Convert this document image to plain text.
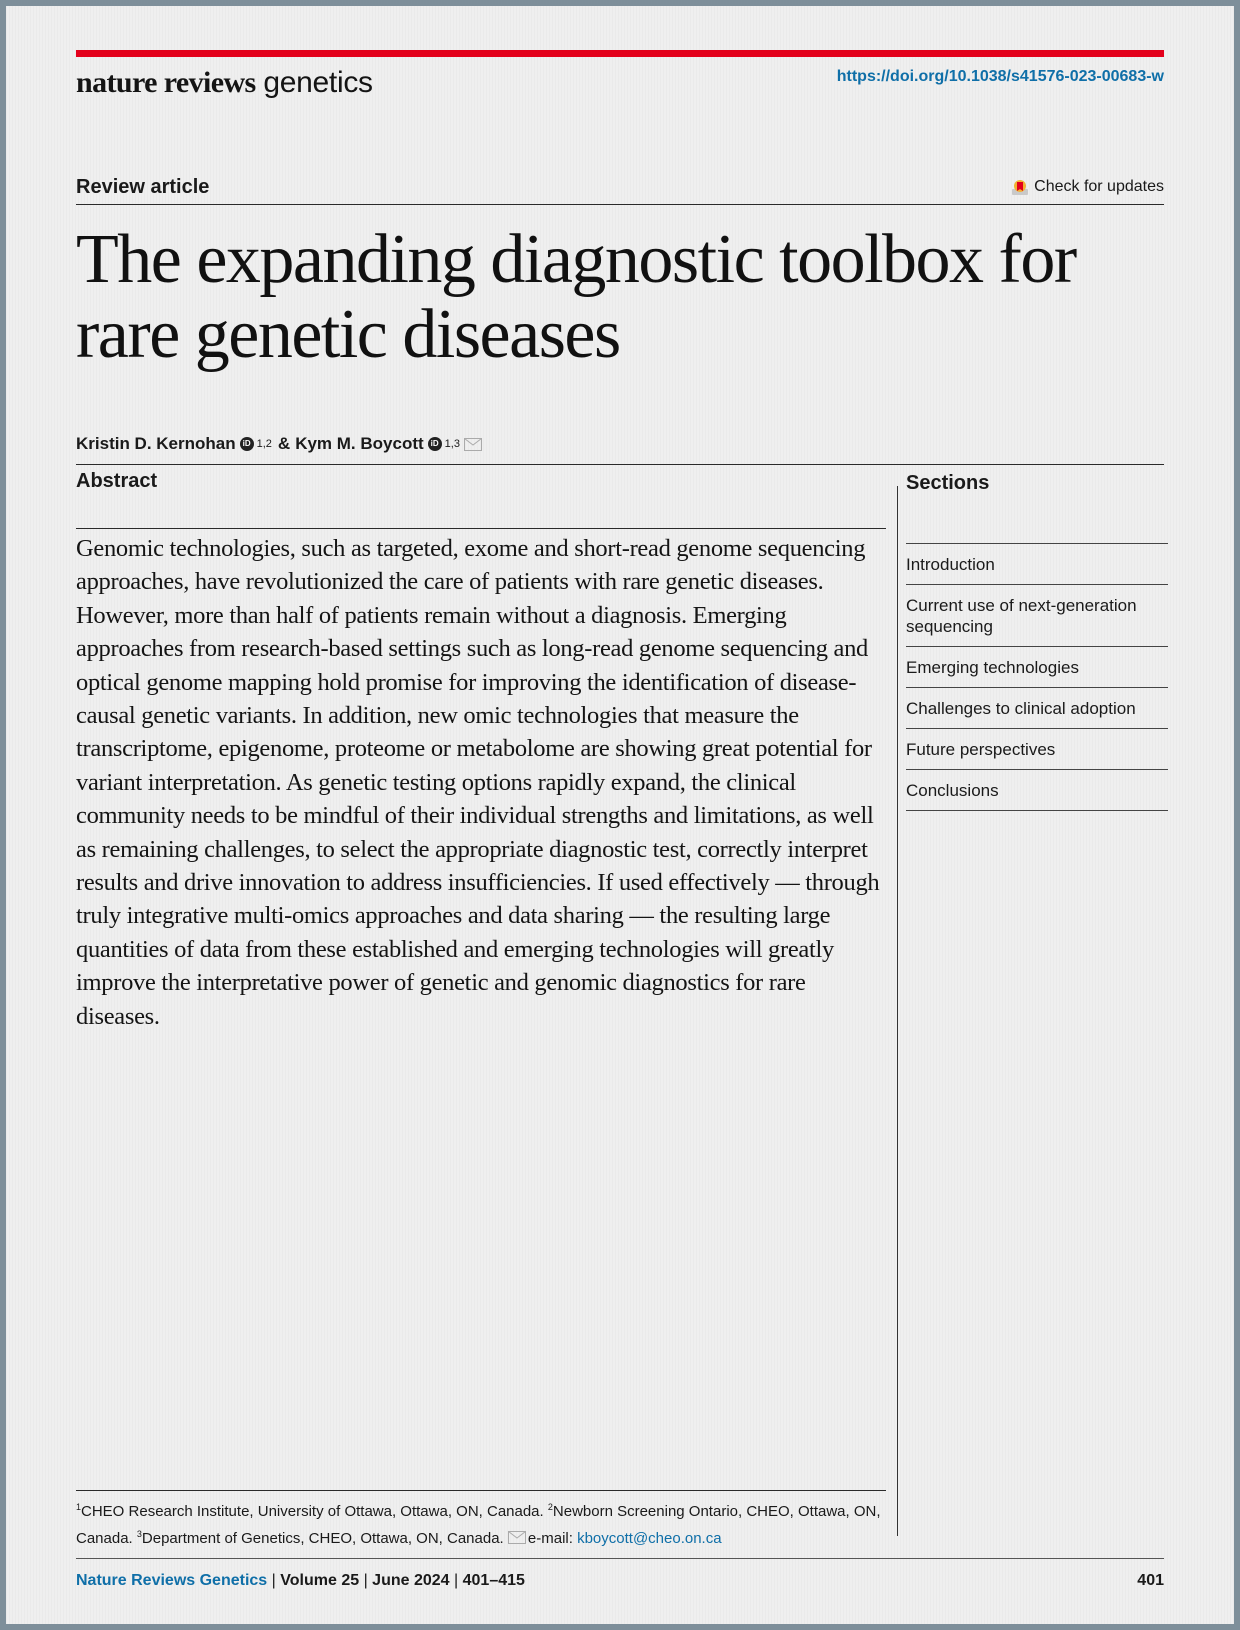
nature reviews genetics	https://doi.org/10.1038/s41576-023-00683-w
Review article	Check for updates
The expanding diagnostic toolbox for rare genetic diseases
Kristin D. Kernohan iD 1,2 & Kym M. Boycott iD 1,3
Abstract

Genomic technologies, such as targeted, exome and short-read genome sequencing approaches, have revolutionized the care of patients with rare genetic diseases. However, more than half of patients remain without a diagnosis. Emerging approaches from research-based settings such as long-read genome sequencing and optical genome mapping hold promise for improving the identification of disease-causal genetic variants. In addition, new omic technologies that measure the transcriptome, epigenome, proteome or metabolome are showing great potential for variant interpretation. As genetic testing options rapidly expand, the clinical community needs to be mindful of their individual strengths and limitations, as well as remaining challenges, to select the appropriate diagnostic test, correctly interpret results and drive innovation to address insufficiencies. If used effectively — through truly integrative multi-omics approaches and data sharing — the resulting large quantities of data from these established and emerging technologies will greatly improve the interpretative power of genetic and genomic diagnostics for rare diseases.

Sections
Introduction
Current use of next-generation sequencing
Emerging technologies
Challenges to clinical adoption
Future perspectives
Conclusions
$^1$CHEO Research Institute, University of Ottawa, Ottawa, ON, Canada. $^2$Newborn Screening Ontario, CHEO, Ottawa, ON, Canada. $^3$Department of Genetics, CHEO, Ottawa, ON, Canada. e-mail: kboycott@cheo.on.ca
Nature Reviews Genetics | Volume 25 | June 2024 | 401–415	401
